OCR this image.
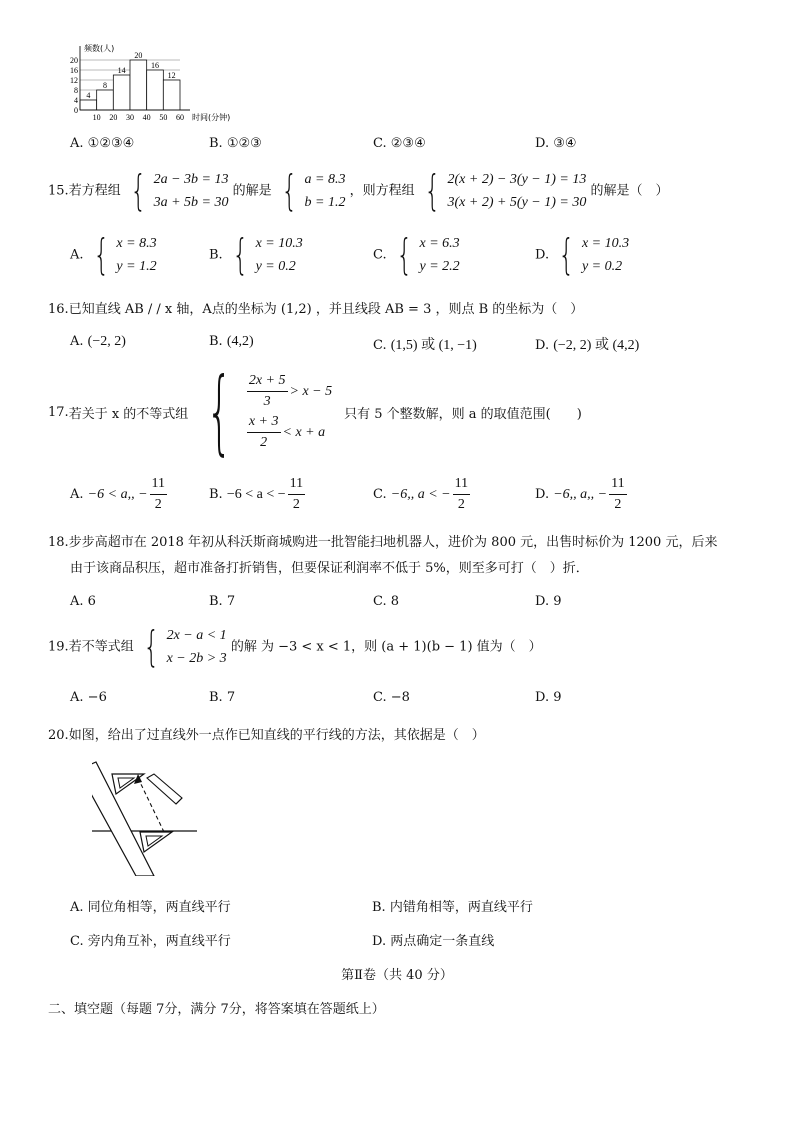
20
16
12
8
4
0
4
10
8
20
14
30
20
40
16
50
12
60
频数(人)
时间(分钟)
A. ①②③④	B. ①②③	C. ②③④	D. ③④
15.若方程组 { 2a − 3b = 13
3a + 5b = 30
的解是 { a = 8.3
b = 1.2
，则方程组 { 2(x + 2) − 3(y − 1) = 13
3(x + 2) + 5(y − 1) = 30
的解是（　）
A. { x = 8.3
y = 1.2
B. { x = 10.3
y = 0.2
C. { x = 6.3
y = 2.2
D. { x = 10.3
y = 0.2
16.已知直线 AB / / x 轴，A点的坐标为 (1,2) ，并且线段 AB = 3 ，则点 B 的坐标为（　）
A. (−2, 2)	B. (4,2)	C. (1,5) 或 (1, −1)	D. (−2, 2) 或 (4,2)
17. 若关于 x 的不等式组 { $\frac{2x + 5}{3} > x - 5$
$\frac{x + 3}{2} < x + a$
只有 5 个整数解，则 a 的取值范围(　　)
A.
−6 < a,, − $\frac{11}{2}$	B.
−6 < a < − $\frac{11}{2}$	C.
−6,, a < − $\frac{11}{2}$	D.
−6,, a,, − $\frac{11}{2}$
18.步步高超市在 2018 年初从科沃斯商城购进一批智能扫地机器人，进价为 800 元，出售时标价为 1200 元，后来
由于该商品积压，超市准备打折销售，但要保证利润率不低于 5%，则至多可打（　）折．
A. 6	B. 7	C. 8	D. 9
19.若不等式组 { 2x − a < 1
x − 2b > 3
的解 为 −3 < x < 1，则 (a + 1)(b − 1) 值为（　）
A. −6	B. 7	C. −8	D. 9
20.如图，给出了过直线外一点作已知直线的平行线的方法，其依据是（　）
A. 同位角相等，两直线平行	B. 内错角相等，两直线平行
C. 旁内角互补，两直线平行	D. 两点确定一条直线
第Ⅱ卷（共 40 分）
二、填空题（每题 7分，满分 7分，将答案填在答题纸上）
